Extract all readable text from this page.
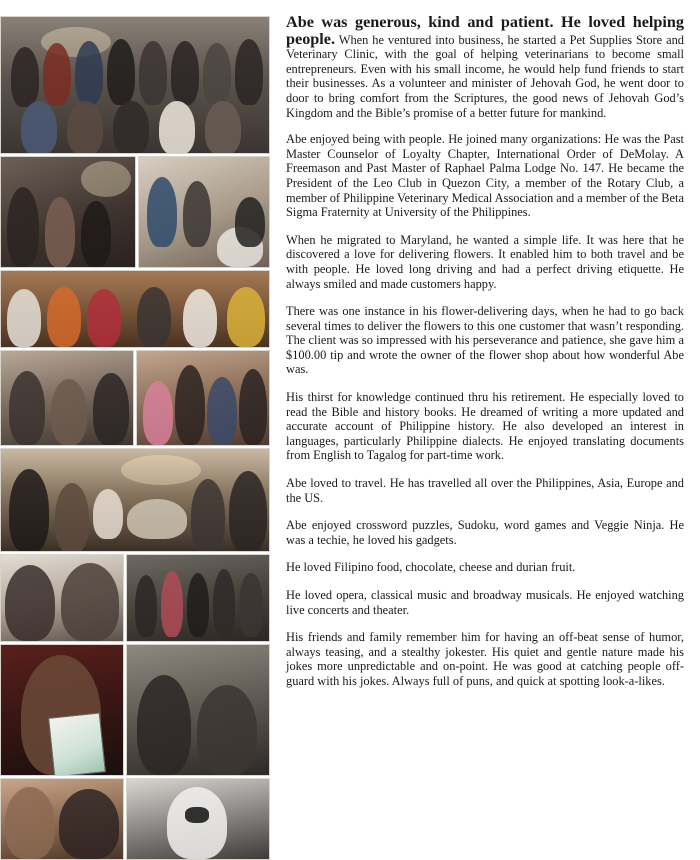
Abe was generous, kind and patient. He loved helping people. When he ventured into business, he started a Pet Supplies Store and Veterinary Clinic, with the goal of helping veterinarians to become small entrepreneurs. Even with his small income, he would help fund friends to start their businesses. As a volunteer and minister of Jehovah God, he went door to door to bring comfort from the Scriptures, the good news of Jehovah God’s Kingdom and the Bible’s promise of a better future for mankind.

Abe enjoyed being with people. He joined many organizations: He was the Past Master Counselor of Loyalty Chapter, International Order of DeMolay. A Freemason and Past Master of Raphael Palma Lodge No. 147. He became the President of the Leo Club in Quezon City, a member of the Rotary Club, a member of Philippine Veterinary Medical Association and a member of the Beta Sigma Fraternity at University of the Philippines.

When he migrated to Maryland, he wanted a simple life. It was here that he discovered a love for delivering flowers. It enabled him to both travel and be with people. He loved long driving and had a perfect driving etiquette. He always smiled and made customers happy.

There was one instance in his flower-delivering days, when he had to go back several times to deliver the flowers to this one customer that wasn’t responding. The client was so impressed with his perseverance and patience, she gave him a $100.00 tip and wrote the owner of the flower shop about how wonderful Abe was.

His thirst for knowledge continued thru his retirement. He especially loved to read the Bible and history books. He dreamed of writing a more updated and accurate account of Philippine history. He also developed an interest in languages, particularly Philippine dialects. He enjoyed translating documents from English to Tagalog for part-time work.

Abe loved to travel. He has travelled all over the Philippines, Asia, Europe and the US.

Abe enjoyed crossword puzzles, Sudoku, word games and Veggie Ninja. He was a techie, he loved his gadgets.

He loved Filipino food, chocolate, cheese and durian fruit.

He loved opera, classical music and broadway musicals. He enjoyed watching live concerts and theater.

His friends and family remember him for having an off-beat sense of humor, always teasing, and a stealthy jokester. His quiet and gentle nature made his jokes more unpredictable and on-point. He was good at catching people off-guard with his jokes. Always full of puns, and quick at spotting look-a-likes.
